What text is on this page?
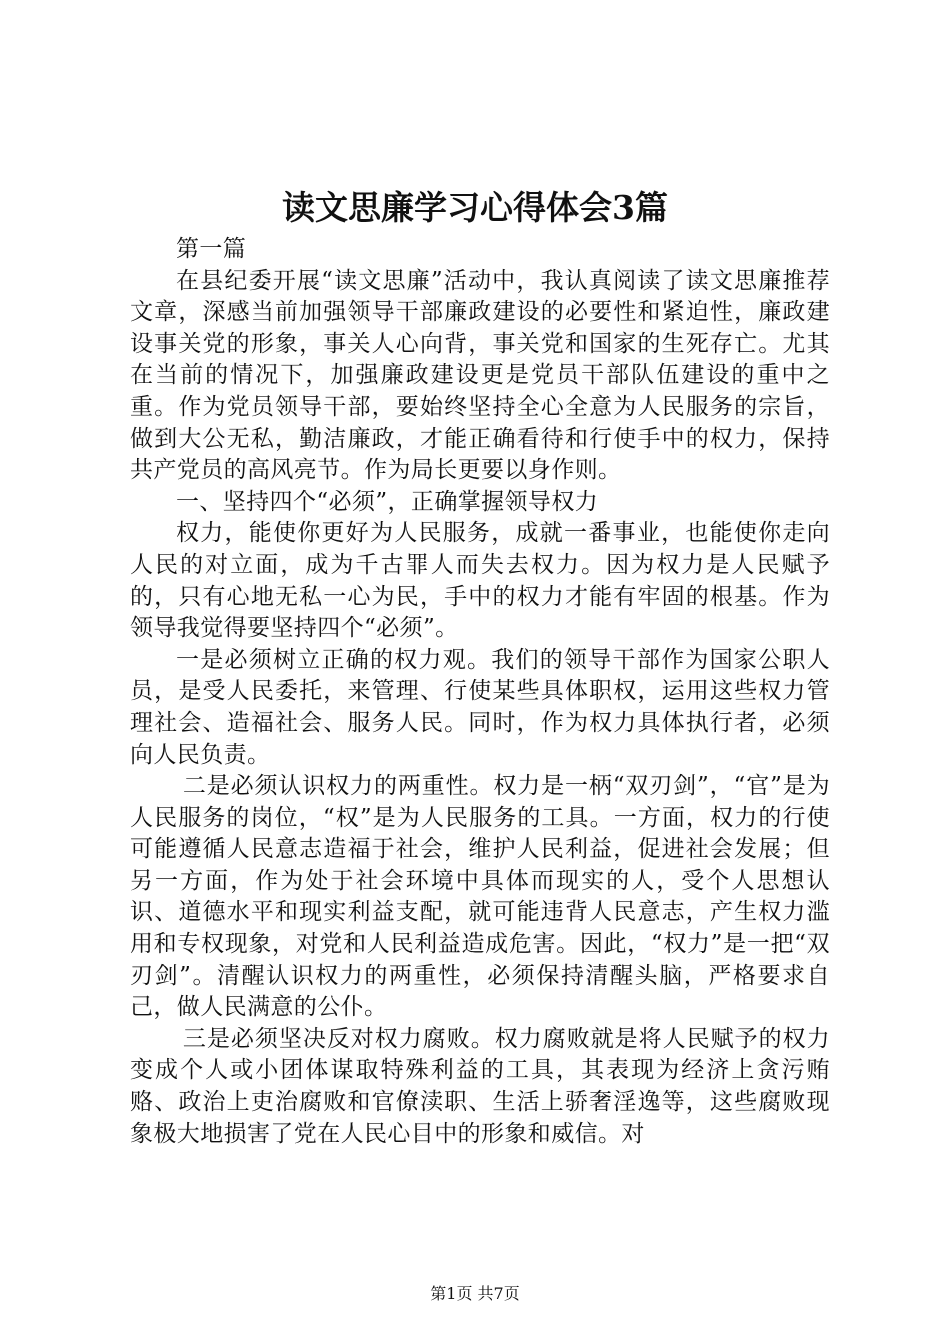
读文思廉学习心得体会3篇

第一篇

在县纪委开展“读文思廉”活动中，我认真阅读了读文思廉推荐文章，深感当前加强领导干部廉政建设的必要性和紧迫性，廉政建设事关党的形象，事关人心向背，事关党和国家的生死存亡。尤其在当前的情况下，加强廉政建设更是党员干部队伍建设的重中之重。作为党员领导干部，要始终坚持全心全意为人民服务的宗旨，做到大公无私，勤洁廉政，才能正确看待和行使手中的权力，保持共产党员的高风亮节。作为局长更要以身作则。

一、坚持四个“必须”，正确掌握领导权力

权力，能使你更好为人民服务，成就一番事业，也能使你走向人民的对立面，成为千古罪人而失去权力。因为权力是人民赋予的，只有心地无私一心为民，手中的权力才能有牢固的根基。作为领导我觉得要坚持四个“必须”。

一是必须树立正确的权力观。我们的领导干部作为国家公职人员，是受人民委托，来管理、行使某些具体职权，运用这些权力管理社会、造福社会、服务人民。同时，作为权力具体执行者，必须向人民负责。

二是必须认识权力的两重性。权力是一柄“双刃剑”，“官”是为人民服务的岗位，“权”是为人民服务的工具。一方面，权力的行使可能遵循人民意志造福于社会，维护人民利益，促进社会发展；但另一方面，作为处于社会环境中具体而现实的人，受个人思想认识、道德水平和现实利益支配，就可能违背人民意志，产生权力滥用和专权现象，对党和人民利益造成危害。因此，“权力”是一把“双刃剑”。清醒认识权力的两重性，必须保持清醒头脑，严格要求自己，做人民满意的公仆。

三是必须坚决反对权力腐败。权力腐败就是将人民赋予的权力变成个人或小团体谋取特殊利益的工具，其表现为经济上贪污贿赂、政治上吏治腐败和官僚渎职、生活上骄奢淫逸等，这些腐败现象极大地损害了党在人民心目中的形象和威信。对

第1页 共7页
